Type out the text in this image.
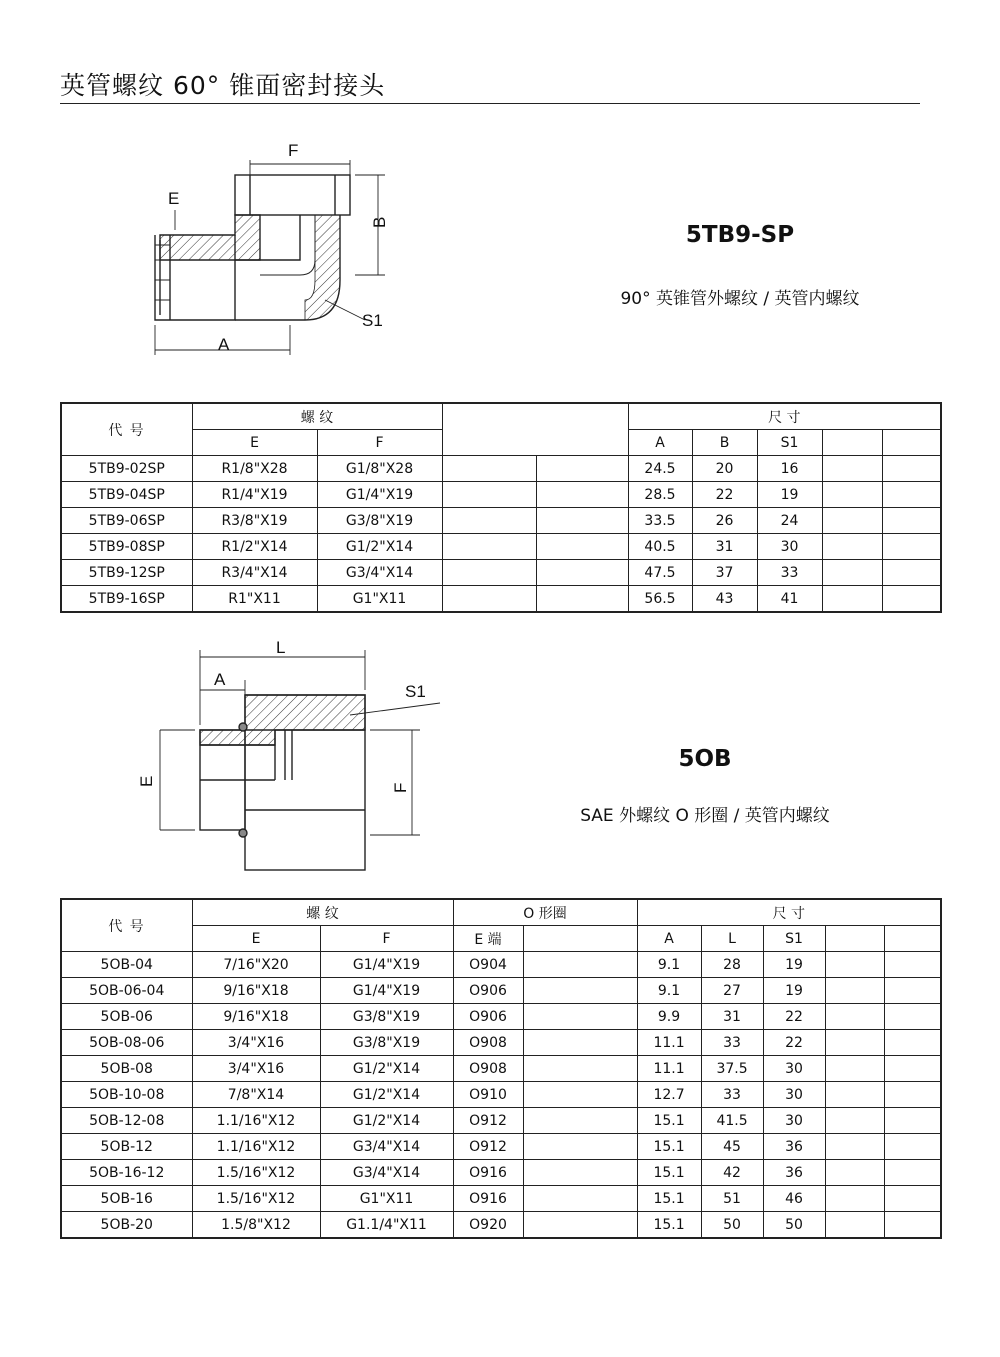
英管螺纹 60° 锥面密封接头
F
E
B
A
S1
5TB9-SP
90° 英锥管外螺纹 / 英管内螺纹
代 号	螺 纹				尺 寸				
	E	F			A	B	S1		
5TB9-02SP	R1/8"X28	G1/8"X28			24.5	20	16		
5TB9-04SP	R1/4"X19	G1/4"X19			28.5	22	19		
5TB9-06SP	R3/8"X19	G3/8"X19			33.5	26	24		
5TB9-08SP	R1/2"X14	G1/2"X14			40.5	31	30		
5TB9-12SP	R3/4"X14	G3/4"X14			47.5	37	33		
5TB9-16SP	R1"X11	G1"X11			56.5	43	41		
L
A
S1
E
F
5OB
SAE 外螺纹 O 形圈 / 英管内螺纹
代 号	螺 纹		O 形圈		尺 寸				
	E	F	E 端		A	L	S1		
5OB-04	7/16"X20	G1/4"X19	O904		9.1	28	19		
5OB-06-04	9/16"X18	G1/4"X19	O906		9.1	27	19		
5OB-06	9/16"X18	G3/8"X19	O906		9.9	31	22		
5OB-08-06	3/4"X16	G3/8"X19	O908		11.1	33	22		
5OB-08	3/4"X16	G1/2"X14	O908		11.1	37.5	30		
5OB-10-08	7/8"X14	G1/2"X14	O910		12.7	33	30		
5OB-12-08	1.1/16"X12	G1/2"X14	O912		15.1	41.5	30		
5OB-12	1.1/16"X12	G3/4"X14	O912		15.1	45	36		
5OB-16-12	1.5/16"X12	G3/4"X14	O916		15.1	42	36		
5OB-16	1.5/16"X12	G1"X11	O916		15.1	51	46		
5OB-20	1.5/8"X12	G1.1/4"X11	O920		15.1	50	50		
